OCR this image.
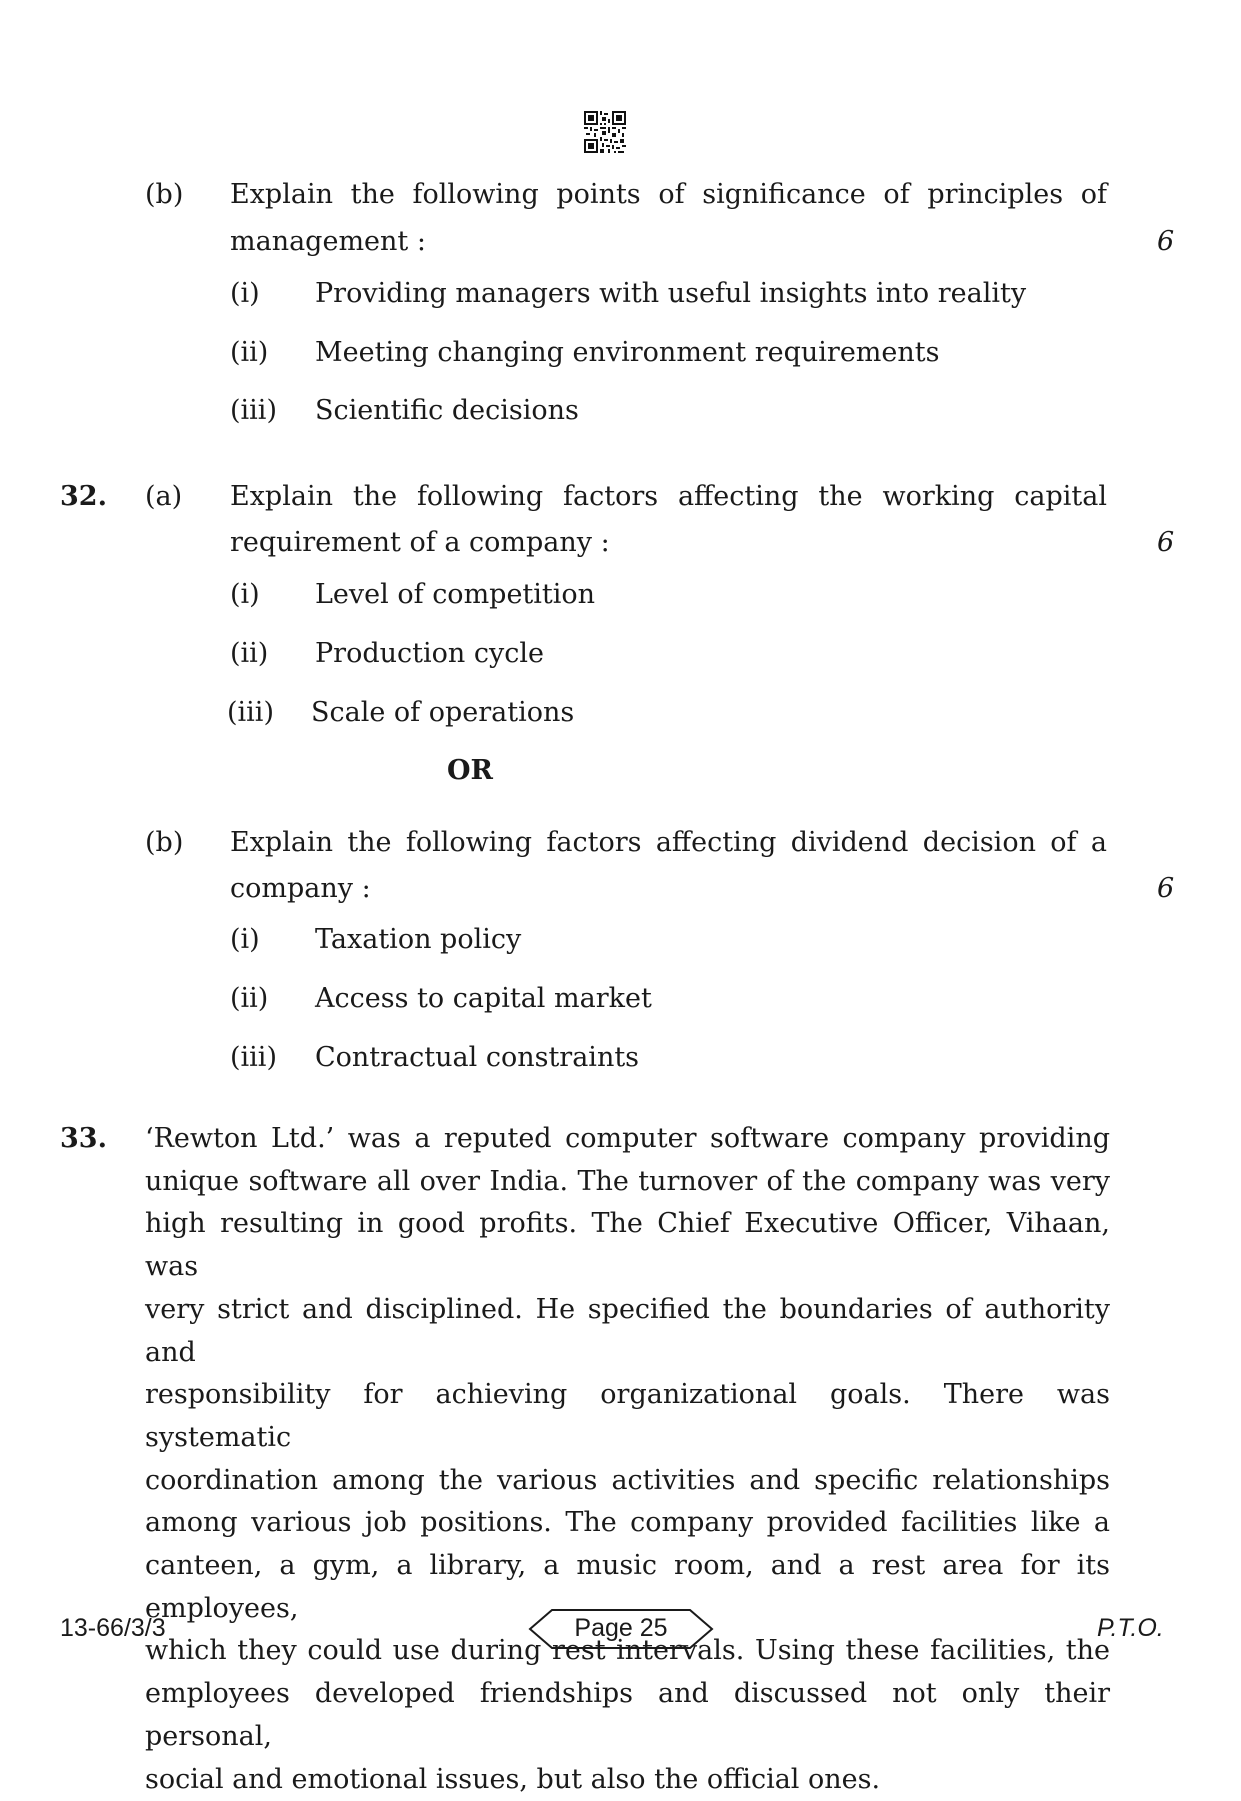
(b) Explain the following points of significance of principles of
management :	6
(i) Providing managers with useful insights into reality
(ii) Meeting changing environment requirements
(iii) Scientific decisions
32. (a) Explain the following factors affecting the working capital
requirement of a company :	6
(i) Level of competition
(ii) Production cycle
(iii) Scale of operations
OR
(b) Explain the following factors affecting dividend decision of a
company :	6
(i) Taxation policy
(ii) Access to capital market
(iii) Contractual constraints
33. ‘Rewton Ltd.’ was a reputed computer software company providing
unique software all over India. The turnover of the company was very
high resulting in good profits. The Chief Executive Officer, Vihaan, was
very strict and disciplined. He specified the boundaries of authority and
responsibility for achieving organizational goals. There was systematic
coordination among the various activities and specific relationships
among various job positions. The company provided facilities like a
canteen, a gym, a library, a music room, and a rest area for its employees,
which they could use during rest intervals. Using these facilities, the
employees developed friendships and discussed not only their personal,
social and emotional issues, but also the official ones.
13-66/3/3	Page 25	P.T.O.
